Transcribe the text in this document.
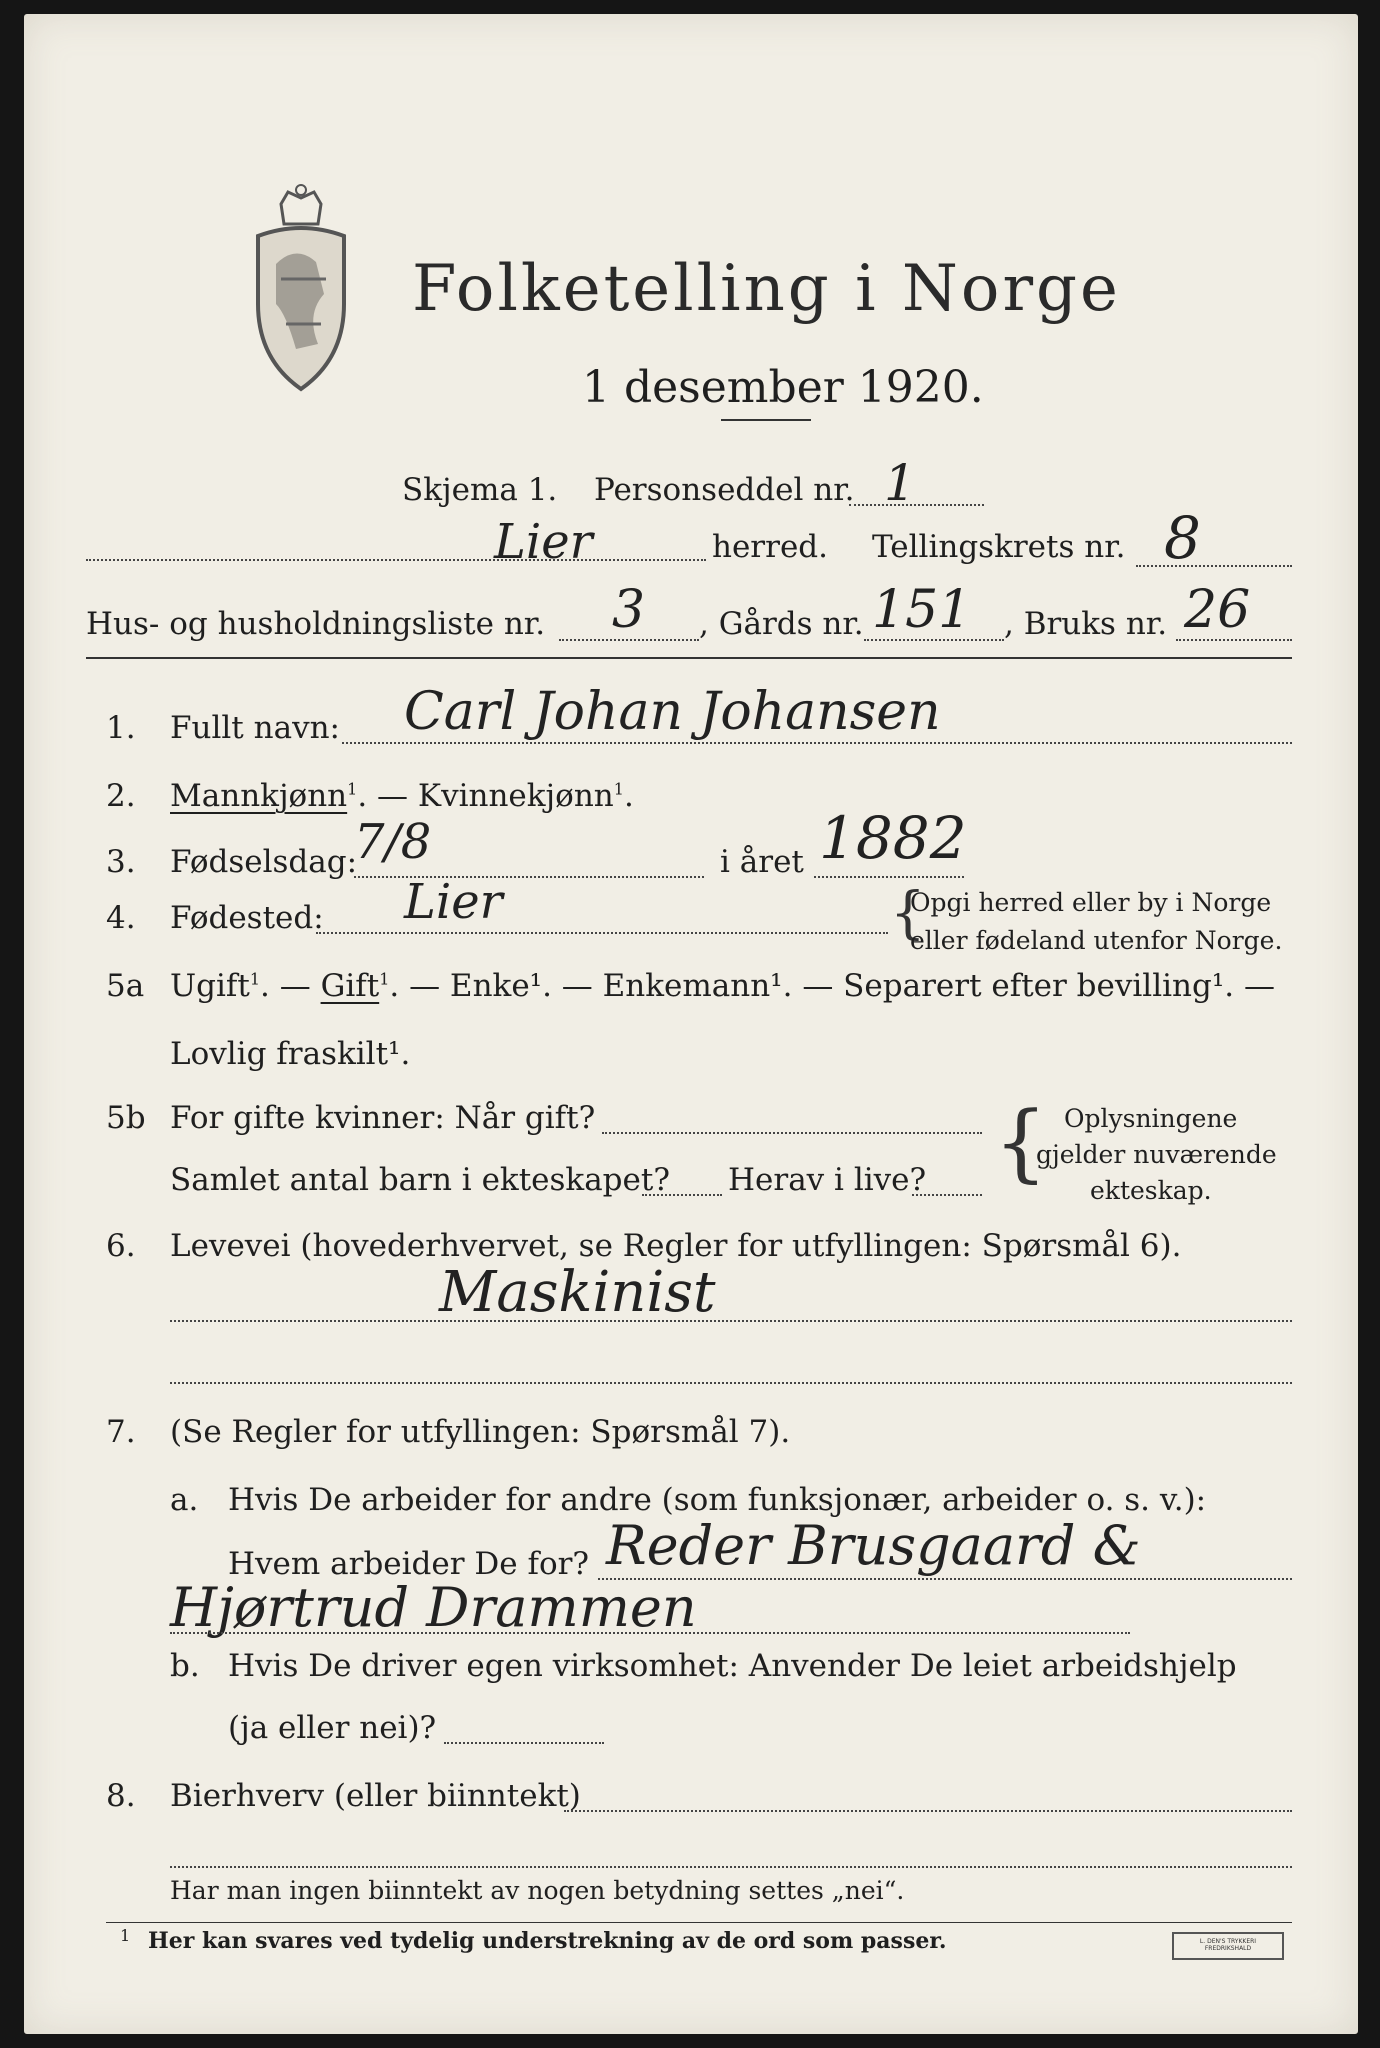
Folketelling i Norge
1 desember 1920.
Skjema 1. Personseddel nr. 1
Lier	herred. Tellingskrets nr. 8
Hus- og husholdningsliste nr. 3 , Gårds nr. 151 , Bruks nr. 26
1. Fullt navn: Carl Johan Johansen
2. Mannkjønn$^1$. — Kvinnekjønn$^1$.
3. Fødselsdag:
7/8	i året 1882
4. Fødested: Lier	{
Opgi herred eller by i Norge
eller fødeland utenfor Norge.
5a Ugift$^1$. — Gift$^1$. — Enke¹. — Enkemann¹. — Separert efter bevilling¹. —
Lovlig fraskilt¹.
5b For gifte kvinner: Når gift?
Samlet antal barn i ekteskapet? Herav i live? { Oplysningene
gjelder nuværende
ekteskap.
6. Levevei (hovederhvervet, se Regler for utfyllingen: Spørsmål 6).
Maskinist
7. (Se Regler for utfyllingen: Spørsmål 7).
a. Hvis De arbeider for andre (som funksjonær, arbeider o. s. v.):
Hvem arbeider De for? Reder Brusgaard &
Hjørtrud Drammen
b. Hvis De driver egen virksomhet: Anvender De leiet arbeidshjelp
(ja eller nei)?
8. Bierhverv (eller biinntekt)
Har man ingen biinntekt av nogen betydning settes „nei“.
1 Her kan svares ved tydelig understrekning av de ord som passer.	L. DEN'S TRYKKERI FREDRIKSHALD
